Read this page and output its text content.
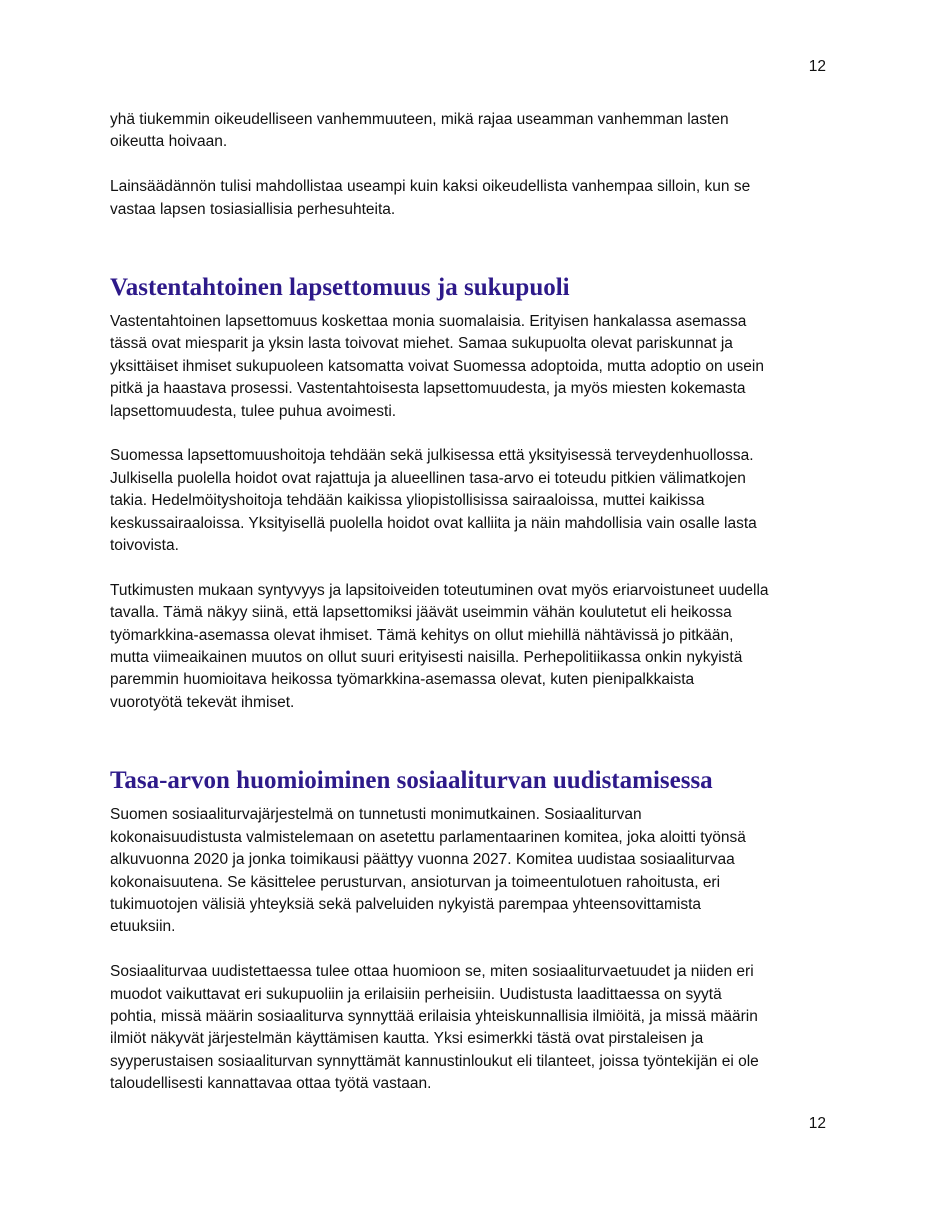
12

yhä tiukemmin oikeudelliseen vanhemmuuteen, mikä rajaa useamman vanhemman lasten
oikeutta hoivaan.

Lainsäädännön tulisi mahdollistaa useampi kuin kaksi oikeudellista vanhempaa silloin, kun se
vastaa lapsen tosiasiallisia perhesuhteita.

Vastentahtoinen lapsettomuus ja sukupuoli

Vastentahtoinen lapsettomuus koskettaa monia suomalaisia. Erityisen hankalassa asemassa
tässä ovat miesparit ja yksin lasta toivovat miehet. Samaa sukupuolta olevat pariskunnat ja
yksittäiset ihmiset sukupuoleen katsomatta voivat Suomessa adoptoida, mutta adoptio on usein
pitkä ja haastava prosessi. Vastentahtoisesta lapsettomuudesta, ja myös miesten kokemasta
lapsettomuudesta, tulee puhua avoimesti.

Suomessa lapsettomuushoitoja tehdään sekä julkisessa että yksityisessä terveydenhuollossa.
Julkisella puolella hoidot ovat rajattuja ja alueellinen tasa-arvo ei toteudu pitkien välimatkojen
takia. Hedelmöityshoitoja tehdään kaikissa yliopistollisissa sairaaloissa, muttei kaikissa
keskussairaaloissa. Yksityisellä puolella hoidot ovat kalliita ja näin mahdollisia vain osalle lasta
toivovista.

Tutkimusten mukaan syntyvyys ja lapsitoiveiden toteutuminen ovat myös eriarvoistuneet uudella
tavalla. Tämä näkyy siinä, että lapsettomiksi jäävät useimmin vähän koulutetut eli heikossa
työmarkkina-asemassa olevat ihmiset. Tämä kehitys on ollut miehillä nähtävissä jo pitkään,
mutta viimeaikainen muutos on ollut suuri erityisesti naisilla. Perhepolitiikassa onkin nykyistä
paremmin huomioitava heikossa työmarkkina-asemassa olevat, kuten pienipalkkaista
vuorotyötä tekevät ihmiset.

Tasa-arvon huomioiminen sosiaaliturvan uudistamisessa

Suomen sosiaaliturvajärjestelmä on tunnetusti monimutkainen. Sosiaaliturvan
kokonaisuudistusta valmistelemaan on asetettu parlamentaarinen komitea, joka aloitti työnsä
alkuvuonna 2020 ja jonka toimikausi päättyy vuonna 2027. Komitea uudistaa sosiaaliturvaa
kokonaisuutena. Se käsittelee perusturvan, ansioturvan ja toimeentulotuen rahoitusta, eri
tukimuotojen välisiä yhteyksiä sekä palveluiden nykyistä parempaa yhteensovittamista
etuuksiin.

Sosiaaliturvaa uudistettaessa tulee ottaa huomioon se, miten sosiaaliturvaetuudet ja niiden eri
muodot vaikuttavat eri sukupuoliin ja erilaisiin perheisiin. Uudistusta laadittaessa on syytä
pohtia, missä määrin sosiaaliturva synnyttää erilaisia yhteiskunnallisia ilmiöitä, ja missä määrin
ilmiöt näkyvät järjestelmän käyttämisen kautta. Yksi esimerkki tästä ovat pirstaleisen ja
syyperustaisen sosiaaliturvan synnyttämät kannustinloukut eli tilanteet, joissa työntekijän ei ole
taloudellisesti kannattavaa ottaa työtä vastaan.

12
